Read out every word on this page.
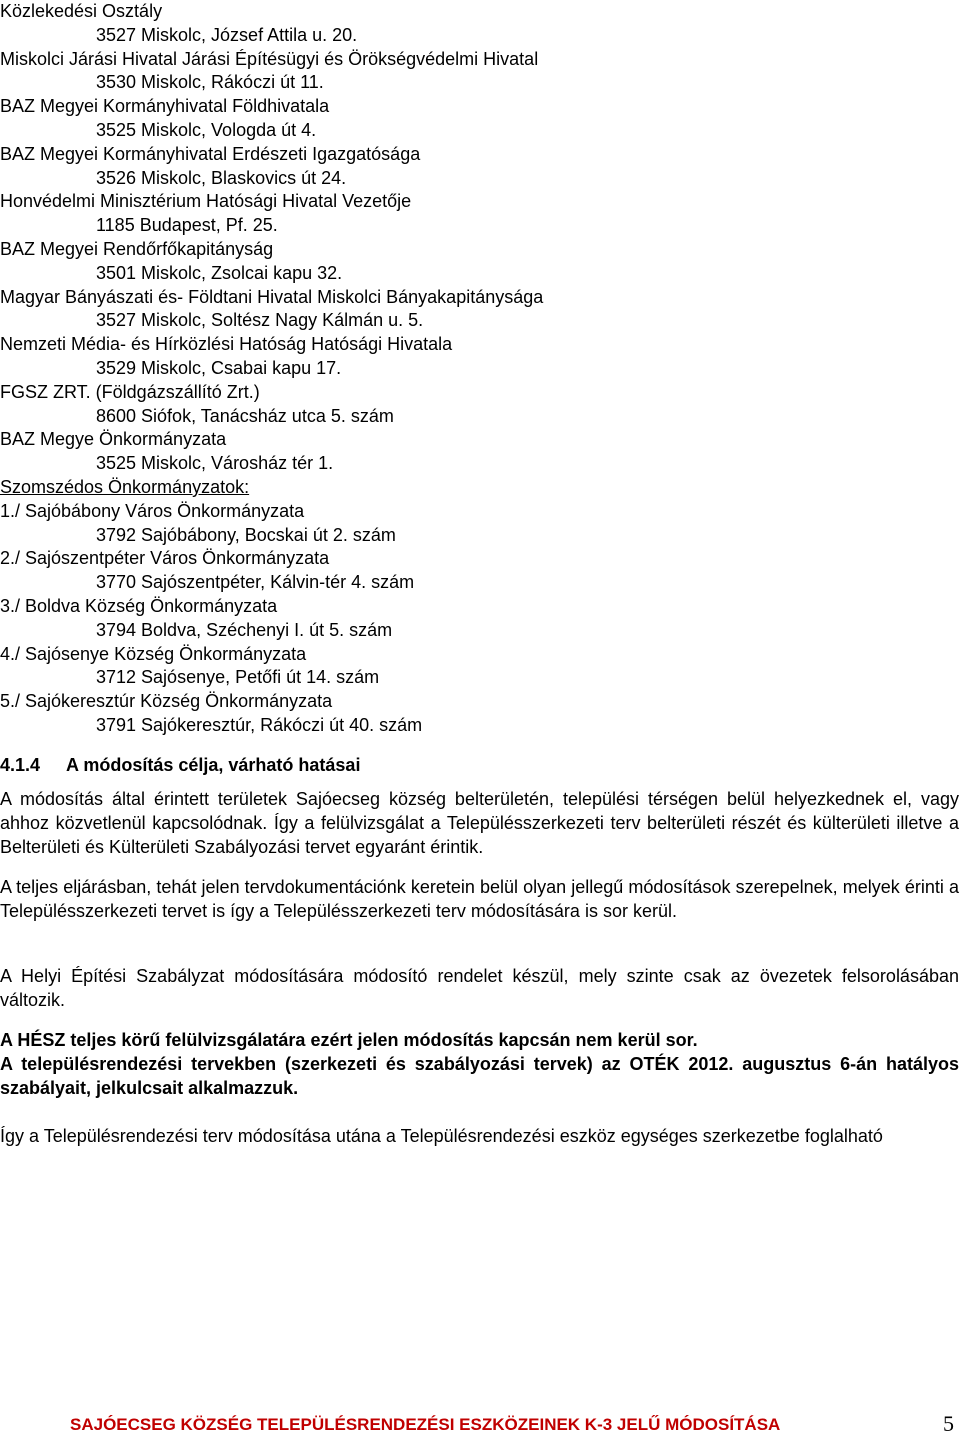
Közlekedési Osztály
3527 Miskolc, József Attila u. 20.
Miskolci Járási Hivatal Járási Építésügyi és Örökségvédelmi Hivatal
3530 Miskolc, Rákóczi út 11.
BAZ Megyei Kormányhivatal Földhivatala
3525 Miskolc, Vologda út 4.
BAZ Megyei Kormányhivatal Erdészeti Igazgatósága
3526 Miskolc, Blaskovics út 24.
Honvédelmi Minisztérium Hatósági Hivatal Vezetője
1185 Budapest, Pf. 25.
BAZ Megyei Rendőrfőkapitányság
3501 Miskolc, Zsolcai kapu 32.
Magyar Bányászati és- Földtani Hivatal Miskolci Bányakapitánysága
3527 Miskolc, Soltész Nagy Kálmán u. 5.
Nemzeti Média- és Hírközlési Hatóság Hatósági Hivatala
3529 Miskolc, Csabai kapu 17.
FGSZ ZRT. (Földgázszállító Zrt.)
8600 Siófok, Tanácsház utca 5. szám
BAZ Megye Önkormányzata
3525 Miskolc, Városház tér 1.
Szomszédos Önkormányzatok:
1./ Sajóbábony Város Önkormányzata
3792 Sajóbábony, Bocskai út 2. szám
2./ Sajószentpéter Város Önkormányzata
3770 Sajószentpéter, Kálvin-tér 4. szám
3./ Boldva Község Önkormányzata
3794 Boldva, Széchenyi I. út 5. szám
4./ Sajósenye Község Önkormányzata
3712 Sajósenye, Petőfi út 14. szám
5./ Sajókeresztúr Község Önkormányzata
3791 Sajókeresztúr, Rákóczi út 40. szám
4.1.4 A módosítás célja, várható hatásai

A módosítás által érintett területek Sajóecseg község belterületén, települési térségen belül helyezkednek el, vagy ahhoz közvetlenül kapcsolódnak. Így a felülvizsgálat a Településszerkezeti terv belterületi részét és külterületi illetve a Belterületi és Külterületi Szabályozási tervet egyaránt érintik.

A teljes eljárásban, tehát jelen tervdokumentációnk keretein belül olyan jellegű módosítások szerepelnek, melyek érinti a Településszerkezeti tervet is így a Településszerkezeti terv módosítására is sor kerül.

A Helyi Építési Szabályzat módosítására módosító rendelet készül, mely szinte csak az övezetek felsorolásában változik.

A HÉSZ teljes körű felülvizsgálatára ezért jelen módosítás kapcsán nem kerül sor.

A településrendezési tervekben (szerkezeti és szabályozási tervek) az OTÉK 2012. augusztus 6-án hatályos szabályait, jelkulcsait alkalmazzuk.

Így a Településrendezési terv módosítása utána a Településrendezési eszköz egységes szerkezetbe foglalható

SAJÓECSEG KÖZSÉG TELEPÜLÉSRENDEZÉSI ESZKÖZEINEK K-3 JELŰ MÓDOSÍTÁSA	5
